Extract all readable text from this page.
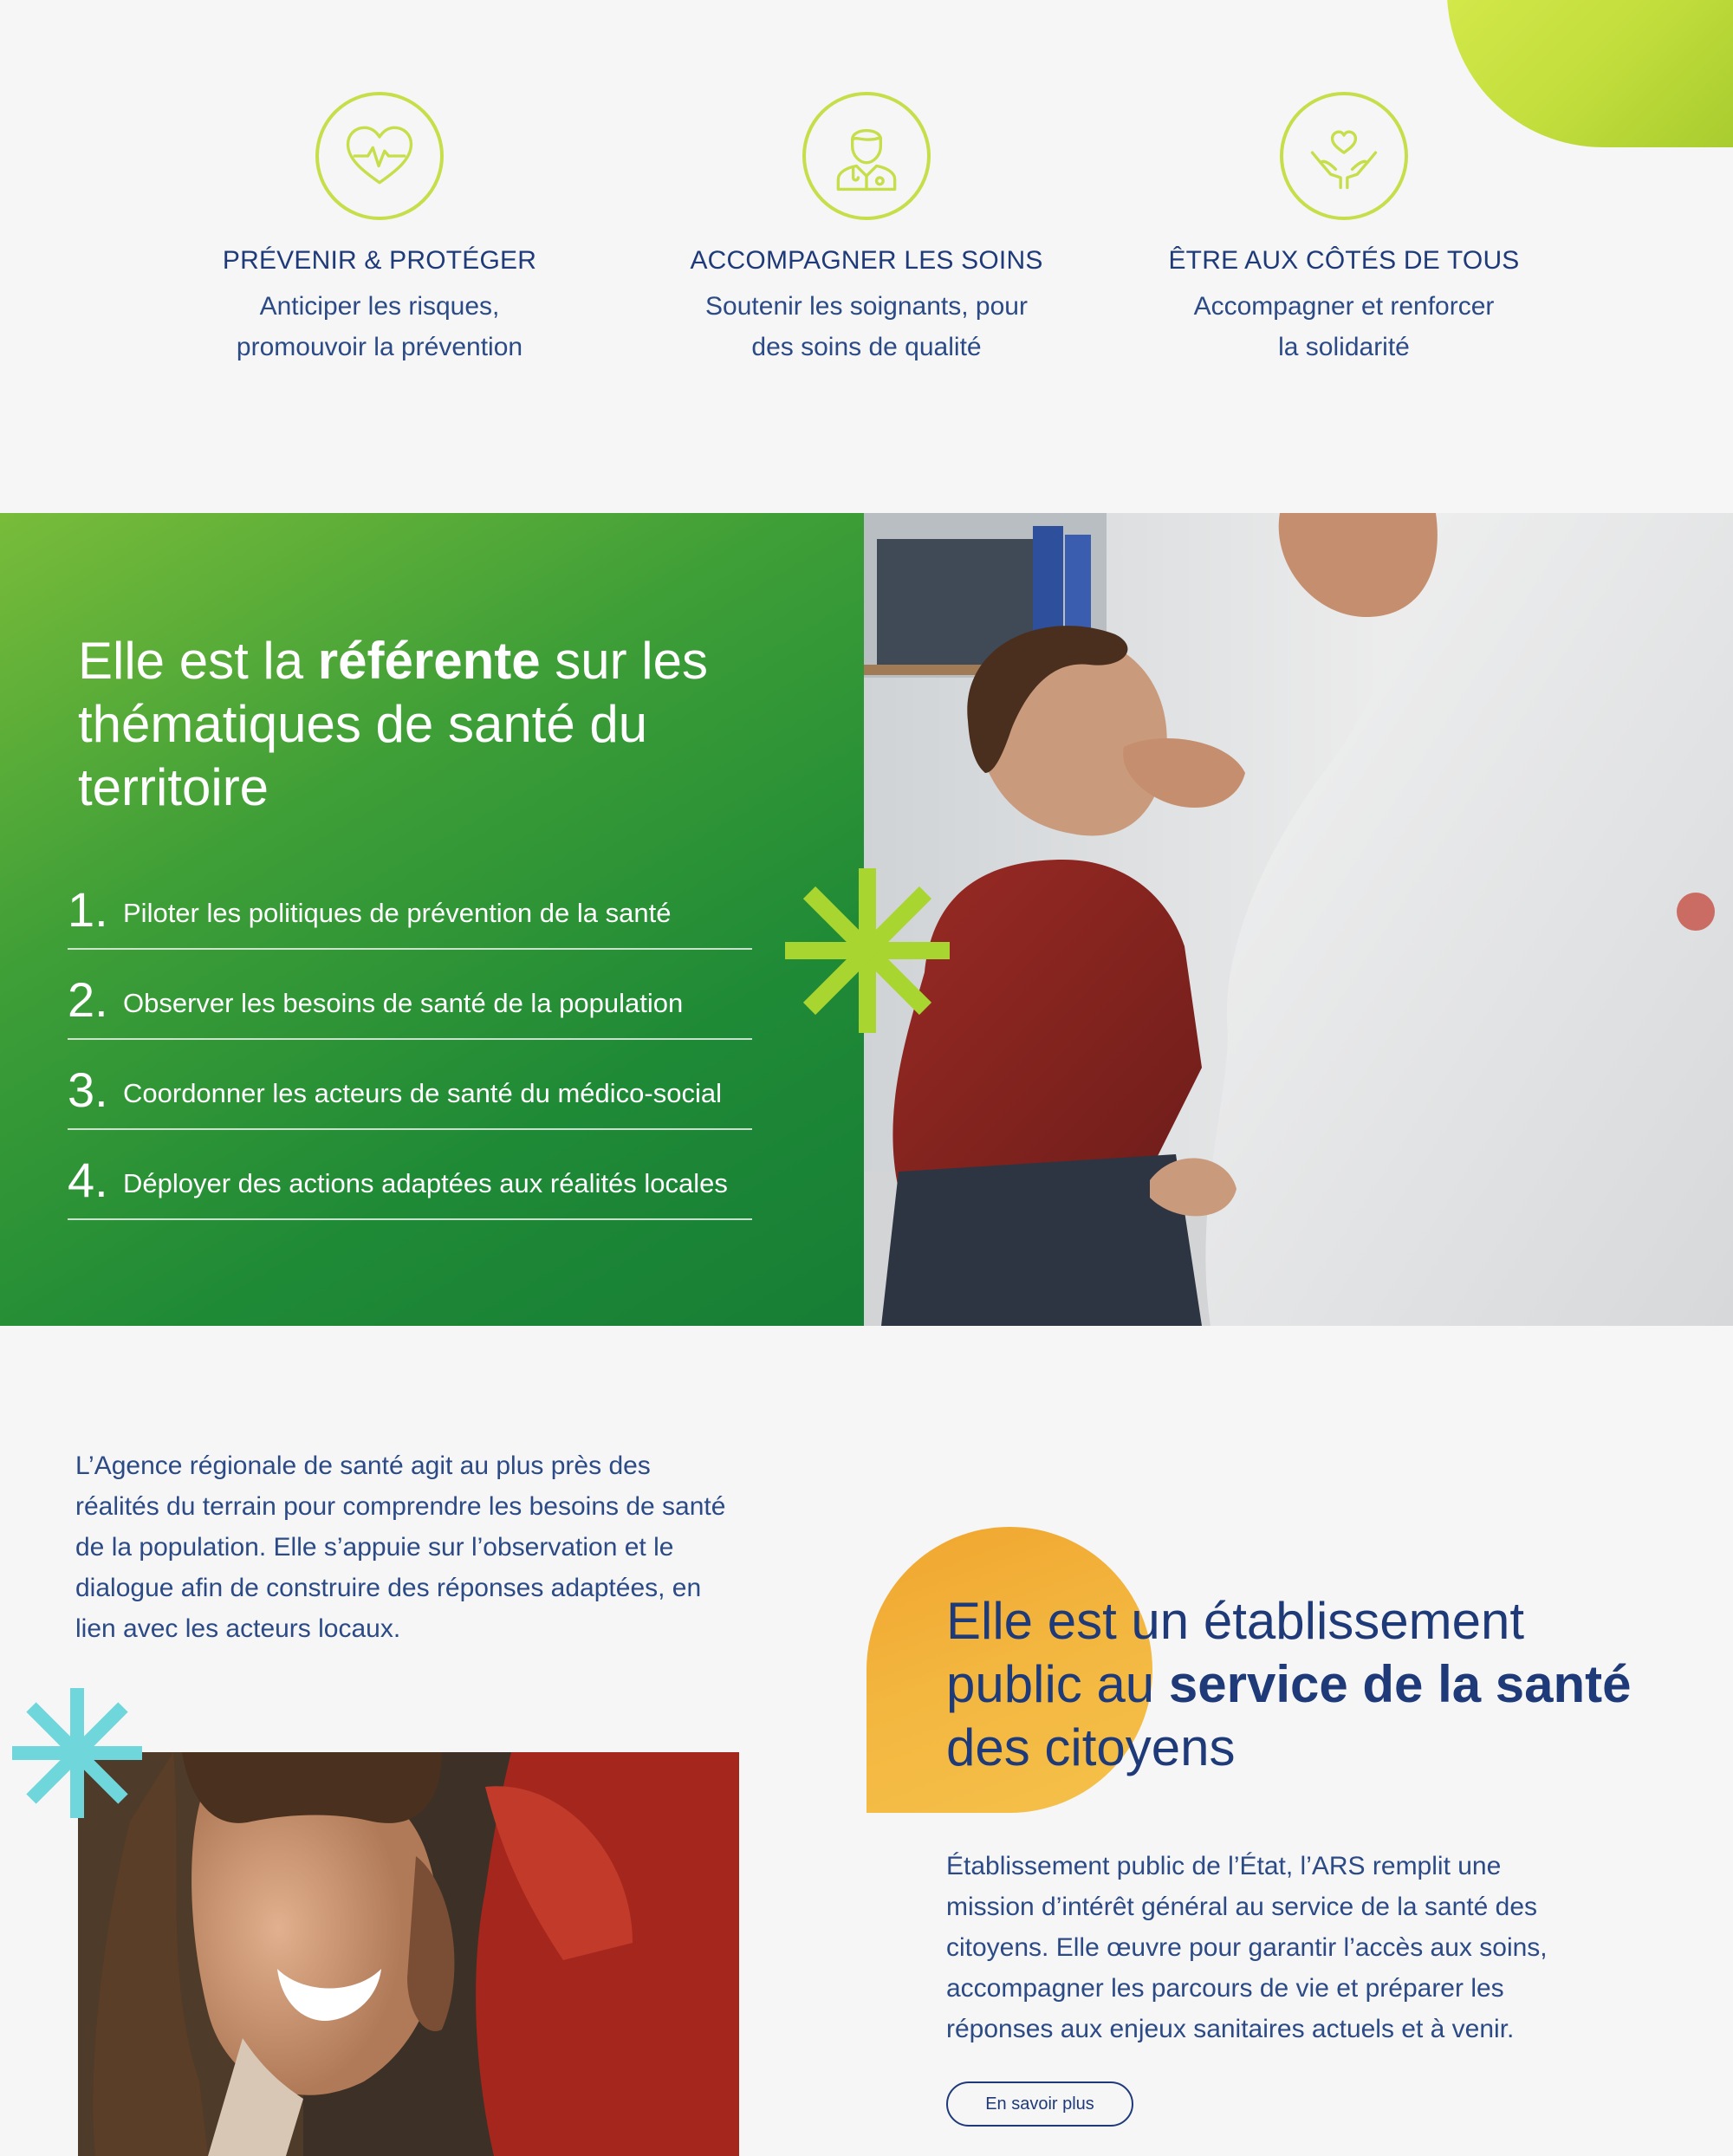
PRÉVENIR & PROTÉGER

Anticiper les risques,
promouvoir la prévention

ACCOMPAGNER LES SOINS

Soutenir les soignants, pour
des soins de qualité

ÊTRE AUX CÔTÉS DE TOUS

Accompagner et renforcer
la solidarité

Elle est la référente sur les thématiques de santé du territoire
1. Piloter les politiques de prévention de la santé
2. Observer les besoins de santé de la population
3. Coordonner les acteurs de santé du médico-social
4. Déployer des actions adaptées aux réalités locales

L’Agence régionale de santé agit au plus près des réalités du terrain pour comprendre les besoins de santé de la population. Elle s’appuie sur l’observation et le dialogue afin de construire des réponses adaptées, en lien avec les acteurs locaux.	Elle est un établissement public au service de la santé des citoyens

Établissement public de l’État, l’ARS remplit une mission d’intérêt général au service de la santé des citoyens. Elle œuvre pour garantir l’accès aux soins, accompagner les parcours de vie et préparer les réponses aux enjeux sanitaires actuels et à venir.

En savoir plus
